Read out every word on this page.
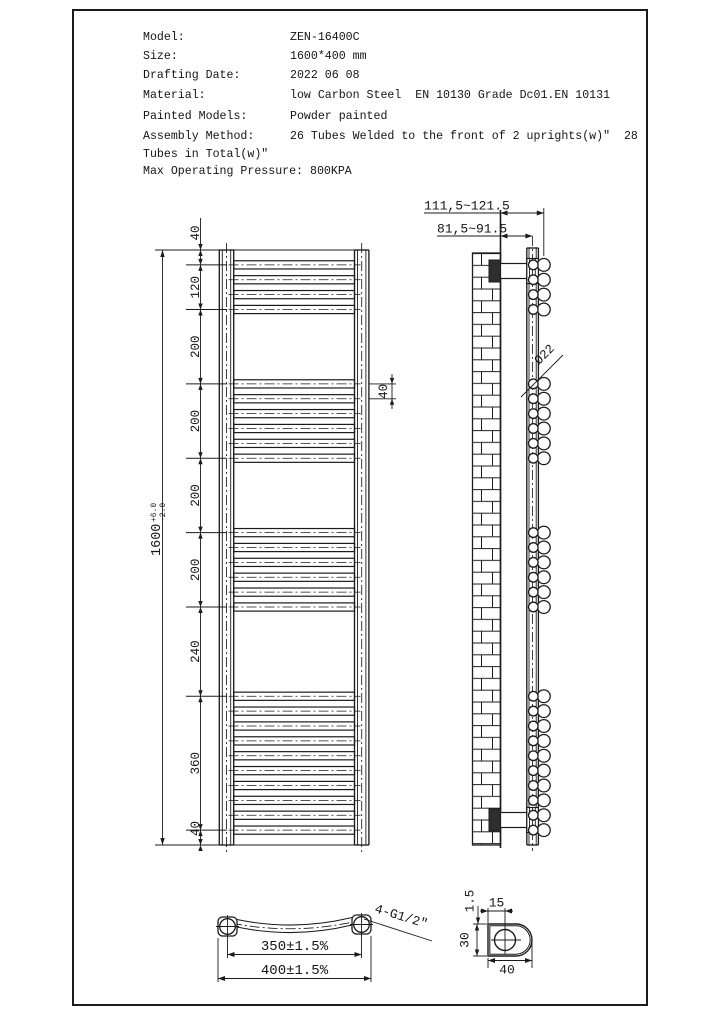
Model:	ZEN-16400C
Size:	1600*400 mm
Drafting Date:	2022 06 08
Material:	low Carbon Steel  EN 10130 Grade Dc01.EN 10131
Painted Models:	Powder painted
Assembly Method:	26 Tubes Welded to the front of 2 uprights(w)″  28
Tubes in Total(w)″
Max Operating Pressure: 800KPA
40
1600
+6.0 -2.0
40
120
200
200
200
200
240
360
40
111,5~121.5
81,5~91.5
Ø22
350±1.5%
400±1.5%
4-G1/2″	15
1.5
30
40
